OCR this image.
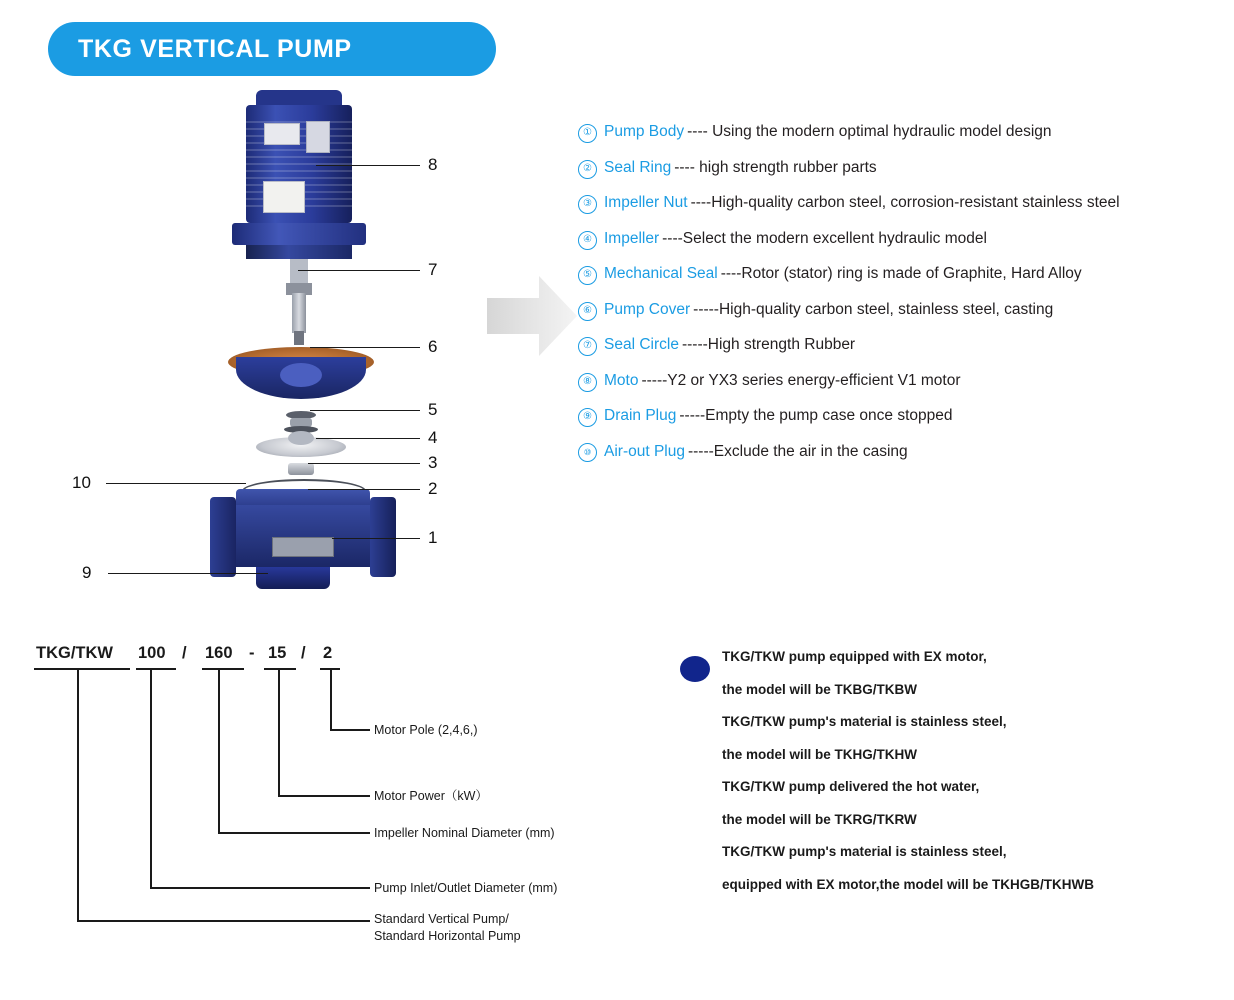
TKG VERTICAL PUMP
8
7
6
5
4
3
2
1
10
9
① Pump Body ---- Using the modern optimal hydraulic model design
② Seal Ring ---- high strength rubber parts
③ Impeller Nut ----High-quality carbon steel, corrosion-resistant stainless steel
④ Impeller ----Select the modern excellent hydraulic model
⑤ Mechanical Seal ----Rotor (stator) ring is made of Graphite, Hard Alloy
⑥ Pump Cover -----High-quality carbon steel, stainless steel, casting
⑦ Seal Circle -----High strength Rubber
⑧ Moto -----Y2 or YX3 series energy-efficient V1 motor
⑨ Drain Plug -----Empty the pump case once stopped
⑩ Air-out Plug -----Exclude the air in the casing
TKG/TKW 100 / 160 - 15 / 2
Motor Pole (2,4,6,)
Motor Power（kW）
Impeller Nominal Diameter (mm)
Pump Inlet/Outlet Diameter (mm)
Standard Vertical Pump/
Standard Horizontal Pump
TKG/TKW pump equipped with EX motor,
the model will be TKBG/TKBW
TKG/TKW pump's material is stainless steel,
the model will be TKHG/TKHW
TKG/TKW pump delivered the hot water,
the model will be TKRG/TKRW
TKG/TKW pump's material is stainless steel,
equipped with EX motor,the model will be TKHGB/TKHWB
